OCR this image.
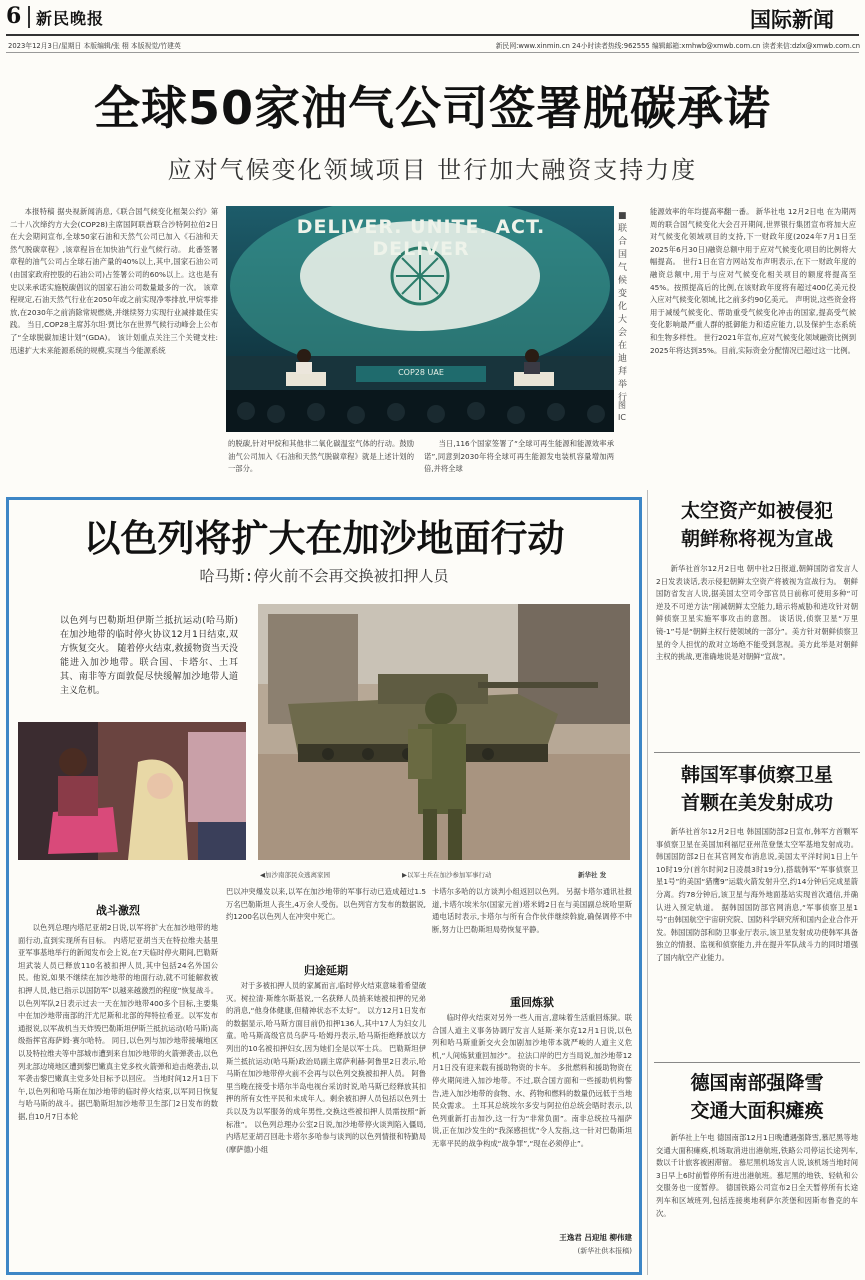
6 新民晚报	国际新闻
2023年12月3日/星期日 本版编辑/张 栩 本版视觉/竹建英	新民网:www.xinmin.cn 24小时读者热线:962555 编辑邮箱:xmhwb@xmwb.com.cn 读者来信:dzlx@xmwb.com.cn
全球50家油气公司签署脱碳承诺
应对气候变化领域项目 世行加大融资支持力度

本报特稿 据央视新闻消息,《联合国气候变化框架公约》第二十八次缔约方大会(COP28)主席国阿联酋联合沙特阿拉伯2日在大会期间宣布,全球50家石油和天然气公司已加入《石油和天然气脱碳章程》,该章程旨在加快油气行业气候行动。 此番签署章程的油气公司占全球石油产量的40%以上,其中,国家石油公司(由国家政府控股的石油公司)占签署公司的60%以上。这也是有史以来承诺实施脱碳倡议的国家石油公司数量最多的一次。 该章程规定,石油天然气行业在2050年或之前实现净零排放,甲烷零排放,在2030年之前消除常规燃烧,并继续努力实现行业减排最佳实践。 当日,COP28主席苏尔坦·贾比尔在世界气候行动峰会上公布了“全球脱碳加速计划”(GDA)。 该计划重点关注三个关键支柱:迅速扩大未来能源系统的规模,实现当今能源系统

DELIVER. UNITE. ACT. DELIVER
COP28 UAE
■ 联合国气候变化大会在迪拜举行
图 IC

的脱碳,针对甲烷和其他非二氧化碳温室气体的行动。鼓励油气公司加入《石油和天然气脱碳章程》就是上述计划的一部分。

当日,116个国家签署了“全球可再生能源和能源效率承诺”,同意到2030年将全球可再生能源发电装机容量增加两倍,并将全球

能源效率的年均提高率翻一番。 新华社电 12月2日电 在为期两周的联合国气候变化大会召开期间,世界银行集团宣布将加大应对气候变化领域项目的支持,下一财政年度(2024年7月1日至2025年6月30日)融资总额中用于应对气候变化项目的比例将大幅提高。 世行1日在官方网站发布声明表示,在下一财政年度的融资总额中,用于与应对气候变化相关项目的额度将提高至45%。按照提高后的比例,在该财政年度将有超过400亿美元投入应对气候变化领域,比之前多约90亿美元。 声明说,这些资金将用于减缓气候变化、帮助重受气候变化冲击的国家,提高受气候变化影响最严重人群的抵御能力和适应能力,以及保护生态系统和生物多样性。 世行2021年宣布,应对气候变化领域融资比例到2025年将达到35%。目前,实际资金分配情况已超过这一比例。

以色列将扩大在加沙地面行动
哈马斯:停火前不会再交换被扣押人员

以色列与巴勒斯坦伊斯兰抵抗运动(哈马斯)在加沙地带的临时停火协议12月1日结束,双方恢复交火。 随着停火结束,救援物资当天没能进入加沙地带。联合国、卡塔尔、土耳其、南非等方面敦促尽快缓解加沙地带人道主义危机。

◀加沙南部民众逃离家园	▶以军士兵在加沙参加军事行动	新华社 发
战斗激烈

以色列总理内塔尼亚胡2日说,以军将扩大在加沙地带的地面行动,直到实现所有目标。 内塔尼亚胡当天在特拉维夫基里亚军事基地举行的新闻发布会上说,在7天临时停火期间,巴勒斯坦武装人员已释放110名被扣押人员,其中包括24名外国公民。他说,如果不继续在加沙地带的地面行动,就不可能解救被扣押人员,他已指示以国防军“以越来越激烈的程度”恢复战斗。 以色列军队2日表示过去一天在加沙地带400多个目标,主要集中在加沙地带南部的汗尤尼斯和北部的拜特拉希亚。以军发布通报说,以军战机当天炸毁巴勒斯坦伊斯兰抵抗运动(哈马斯)高级指挥官海萨姆·赛尔哈特。 同日,以色列与加沙地带接壤地区以及特拉维夫等中部城市遭到来自加沙地带的火箭弹袭击,以色列北部边境地区遭到黎巴嫩真主党多枚火箭弹和迫击炮袭击,以军袭击黎巴嫩真主党多处目标予以回应。 当地时间12月1日下午,以色列和哈马斯在加沙地带的临时停火结束,以军同日恢复与哈马斯的战斗。据巴勒斯坦加沙地带卫生部门2日发布的数据,自10月7日本轮

巴以冲突爆发以来,以军在加沙地带的军事行动已造成超过1.5万名巴勒斯坦人丧生,4万余人受伤。以色列官方发布的数据说,约1200名以色列人在冲突中死亡。

归途延期

对于多被扣押人员的家属而言,临时停火结束意味着希望破灭。树拉清·斯维尔斯基说,一名获释人员捎来她被扣押的兄弟的消息,“他身体健康,但精神状态不太好”。 以方12月1日发布的数据显示,哈马斯方面目前仍扣押136人,其中17人为妇女儿童。哈马斯高级官员乌萨马·哈姆丹表示,哈马斯拒绝释放以方列出的10名被扣押妇女,因为她们全是以军士兵。 巴勒斯坦伊斯兰抵抗运动(哈马斯)政治局副主席萨利赫·阿鲁里2日表示,哈马斯在加沙地带停火前不会再与以色列交换被扣押人员。 阿鲁里当晚在接受卡塔尔半岛电视台采访时说,哈马斯已经释放其扣押的所有女性平民和未成年人。剩余被扣押人员包括以色列士兵以及为以军服务的成年男性,交换这些被扣押人员需按照“新标准”。 以色列总理办公室2日说,加沙地带停火谈判陷入僵局,内塔尼亚胡召回赴卡塔尔多哈参与谈判的以色列情报和特勤局(摩萨德)小组

卡塔尔多哈的以方谈判小组返回以色列。 另据卡塔尔通讯社报道,卡塔尔埃米尔(国家元首)塔米姆2日在与美国副总统哈里斯通电话时表示,卡塔尔与所有合作伙伴继续斡旋,确保调停不中断,努力让巴勒斯坦局势恢复平静。

重回炼狱

临时停火结束对另外一些人而言,意味着生活重回炼狱。联合国人道主义事务协调厅发言人延斯·莱尔克12月1日说,以色列和哈马斯重新交火会加剧加沙地带本就严峻的人道主义危机,“人间炼狱重回加沙”。 拉法口岸的巴方当局说,加沙地带12月1日没有迎来载有援助物资的卡车。 多批燃料和援助物资在停火期间进入加沙地带。不过,联合国方面和一些援助机构警告,进入加沙地带的食物、水、药物和燃料的数量仍远低于当地民众需求。 土耳其总统埃尔多安与阿拉伯总统会晤时表示,以色列重新打击加沙,这一行为“非常负面”。南非总统拉马福萨说,正在加沙发生的“我深感担忧”令人发指,这一针对巴勒斯坦无辜平民的战争构成“战争罪”,“现在必须停止”。

王逸君 吕迎旭 柳伟建
(新华社供本报稿)
太空资产如被侵犯
朝鲜称将视为宣战

新华社首尔12月2日电 朝中社2日报道,朝鲜国防省发言人2日发表谈话,表示侵犯朝鲜太空资产将被视为宣战行为。 朝鲜国防省发言人说,据美国太空司令部官员日前称可使用多种“可逆及不可逆方法”削减朝鲜太空能力,暗示将威胁和进攻针对朝鲜侦察卫星实施军事攻击的意图。 谈话说,侦察卫星“万里镜-1”号是“朝鲜主权行使领域的一部分”。美方针对朝鲜侦察卫星的令人担忧的敌对立场绝不能受到忽视。美方此举是对朝鲜主权的挑战,更准确地说是对朝鲜“宣战”。

韩国军事侦察卫星
首颗在美发射成功

新华社首尔12月2日电 韩国国防部2日宣布,韩军方首颗军事侦察卫星在美国加利福尼亚州范登堡太空军基地发射成功。 韩国国防部2日在其官网发布消息说,美国太平洋时间1日上午10时19分(首尔时间2日凌晨3时19分),搭载韩军“军事侦察卫星1号”的美国“猎鹰9”运载火箭发射升空,约14分钟后完成星箭分离。约78分钟后,该卫星与海外地面基站实现首次通信,并确认进入预定轨道。 据韩国国防部官网消息,“军事侦察卫星1号”由韩国航空宇宙研究院、国防科学研究所和国内企业合作开发。韩国国防部和防卫事业厅表示,该卫星发射成功使韩军具备独立的情报、监视和侦察能力,并在提升军队战斗力的同时增强了国内航空产业能力。

德国南部强降雪
交通大面积瘫痪

新华社上午电 德国南部12月1日晚遭遇强降雪,慕尼黑等地交通大面积瘫痪,机场取消进出港航班,铁路公司停运长途列车,数以千计旅客被困滞留。 慕尼黑机场发言人说,该机场当地时间3日早上6时前暂停所有进出港航班。慕尼黑的地铁、轻轨和公交服务也一度暂停。 德国铁路公司宣布2日全天暂停所有长途列车和区域班列,包括连接奥地利萨尔茨堡和因斯布鲁克的车次。
